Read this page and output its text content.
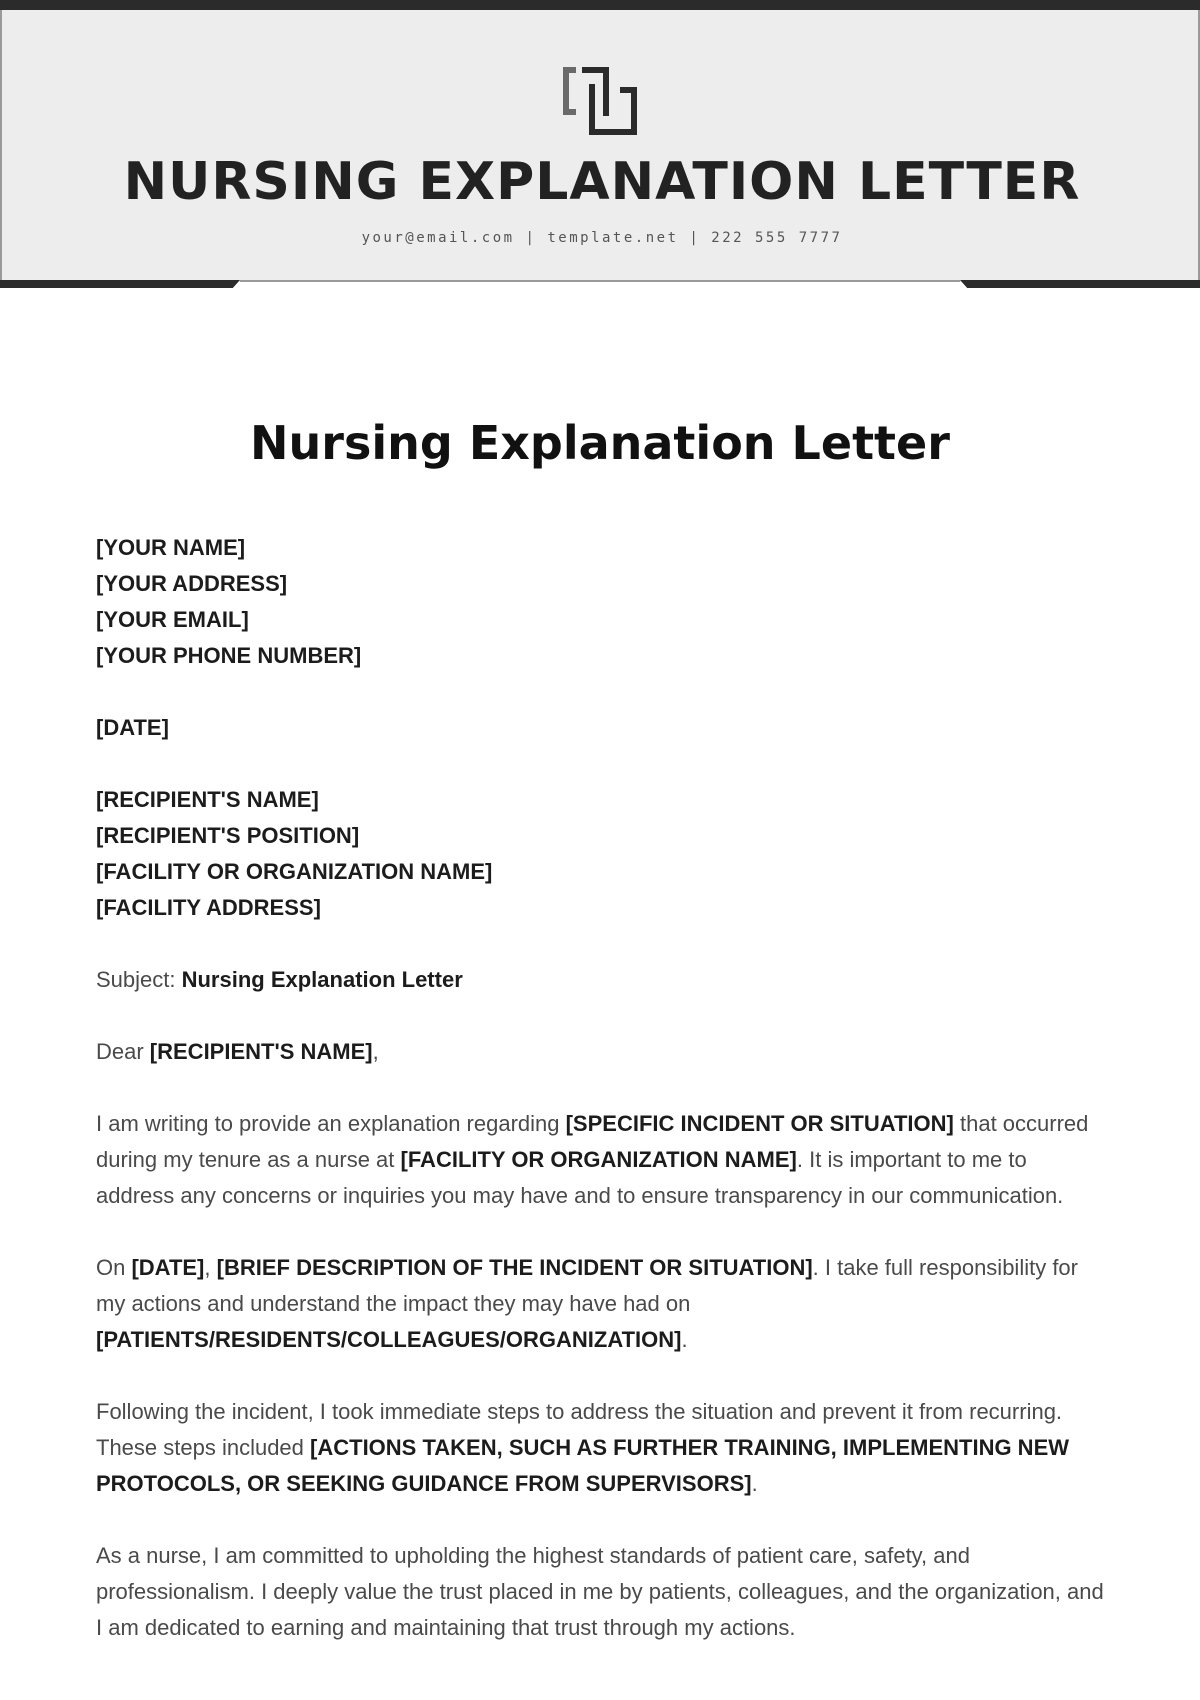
NURSING EXPLANATION LETTER
your@email.com | template.net | 222 555 7777
Nursing Explanation Letter

[YOUR NAME]
[YOUR ADDRESS]
[YOUR EMAIL]
[YOUR PHONE NUMBER]

[DATE]

[RECIPIENT'S NAME]
[RECIPIENT'S POSITION]
[FACILITY OR ORGANIZATION NAME]
[FACILITY ADDRESS]

Subject: Nursing Explanation Letter

Dear [RECIPIENT'S NAME],

I am writing to provide an explanation regarding [SPECIFIC INCIDENT OR SITUATION] that occurred during my tenure as a nurse at [FACILITY OR ORGANIZATION NAME]. It is important to me to address any concerns or inquiries you may have and to ensure transparency in our communication.

On [DATE], [BRIEF DESCRIPTION OF THE INCIDENT OR SITUATION]. I take full responsibility for my actions and understand the impact they may have had on [PATIENTS/RESIDENTS/COLLEAGUES/ORGANIZATION].

Following the incident, I took immediate steps to address the situation and prevent it from recurring. These steps included [ACTIONS TAKEN, SUCH AS FURTHER TRAINING, IMPLEMENTING NEW PROTOCOLS, OR SEEKING GUIDANCE FROM SUPERVISORS].

As a nurse, I am committed to upholding the highest standards of patient care, safety, and professionalism. I deeply value the trust placed in me by patients, colleagues, and the organization, and I am dedicated to earning and maintaining that trust through my actions.
